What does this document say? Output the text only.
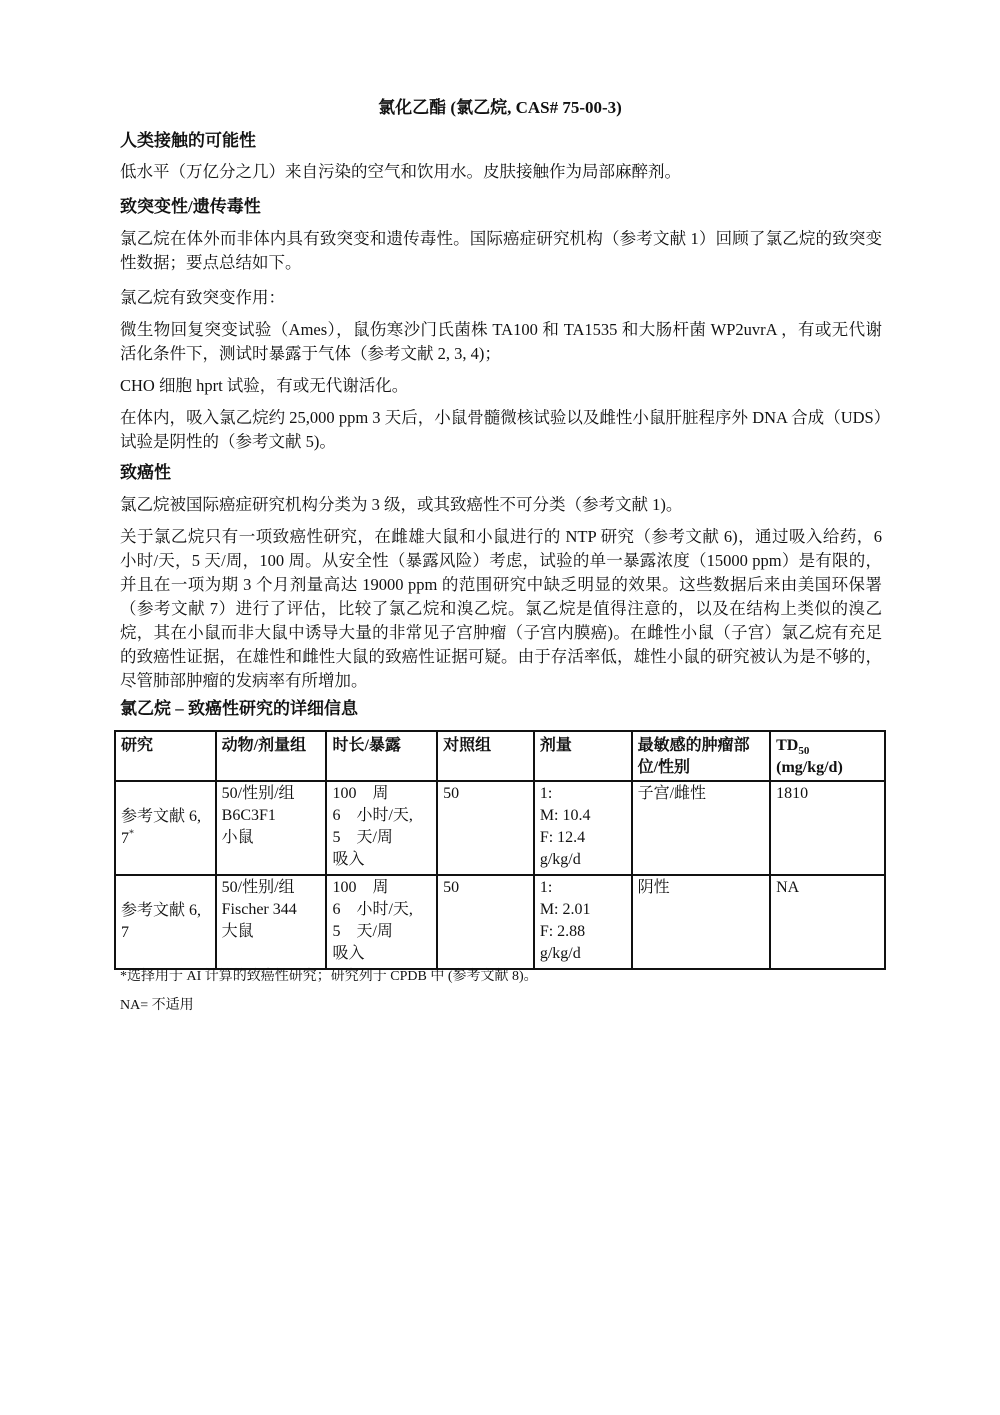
氯化乙酯 (氯乙烷, CAS# 75-00-3)
人类接触的可能性
低水平（万亿分之几）来自污染的空气和饮用水。皮肤接触作为局部麻醉剂。
致突变性/遗传毒性
氯乙烷在体外而非体内具有致突变和遗传毒性。国际癌症研究机构（参考文献 1）回顾了氯乙烷的致突变性数据；要点总结如下。
氯乙烷有致突变作用：
微生物回复突变试验（Ames），鼠伤寒沙门氏菌株 TA100 和 TA1535 和大肠杆菌 WP2uvrA ，有或无代谢活化条件下，测试时暴露于气体（参考文献 2, 3, 4)；
CHO 细胞 hprt 试验，有或无代谢活化。
在体内，吸入氯乙烷约 25,000 ppm 3 天后，小鼠骨髓微核试验以及雌性小鼠肝脏程序外 DNA 合成（UDS）试验是阴性的（参考文献 5)。
致癌性
氯乙烷被国际癌症研究机构分类为 3 级，或其致癌性不可分类（参考文献 1)。
关于氯乙烷只有一项致癌性研究，在雌雄大鼠和小鼠进行的 NTP 研究（参考文献 6)，通过吸入给药，6 小时/天，5 天/周，100 周。从安全性（暴露风险）考虑，试验的单一暴露浓度（15000 ppm）是有限的，并且在一项为期 3 个月剂量高达 19000 ppm 的范围研究中缺乏明显的效果。这些数据后来由美国环保署（参考文献 7）进行了评估，比较了氯乙烷和溴乙烷。氯乙烷是值得注意的，以及在结构上类似的溴乙烷，其在小鼠而非大鼠中诱导大量的非常见子宫肿瘤（子宫内膜癌)。在雌性小鼠（子宫）氯乙烷有充足的致癌性证据，在雄性和雌性大鼠的致癌性证据可疑。由于存活率低，雄性小鼠的研究被认为是不够的，尽管肺部肿瘤的发病率有所增加。
氯乙烷 – 致癌性研究的详细信息
研究	动物/剂量组	时长/暴露	对照组	剂量	最敏感的肿瘤部位/性别	$TD_{50}$
(mg/kg/d)
参考文献 6, 7*	50/性别/组
B6C3F1
小鼠	100　周
6　小时/天,
5　天/周
吸入	50	1:
M: 10.4
F: 12.4
g/kg/d	子宫/雌性	1810
参考文献 6, 7	50/性别/组
Fischer 344
大鼠	100　周
6　小时/天,
5　天/周
吸入	50	1:
M: 2.01
F: 2.88
g/kg/d	阴性	NA
*选择用于 AI 计算的致癌性研究；研究列于 CPDB 中 (参考文献 8)。
NA= 不适用
